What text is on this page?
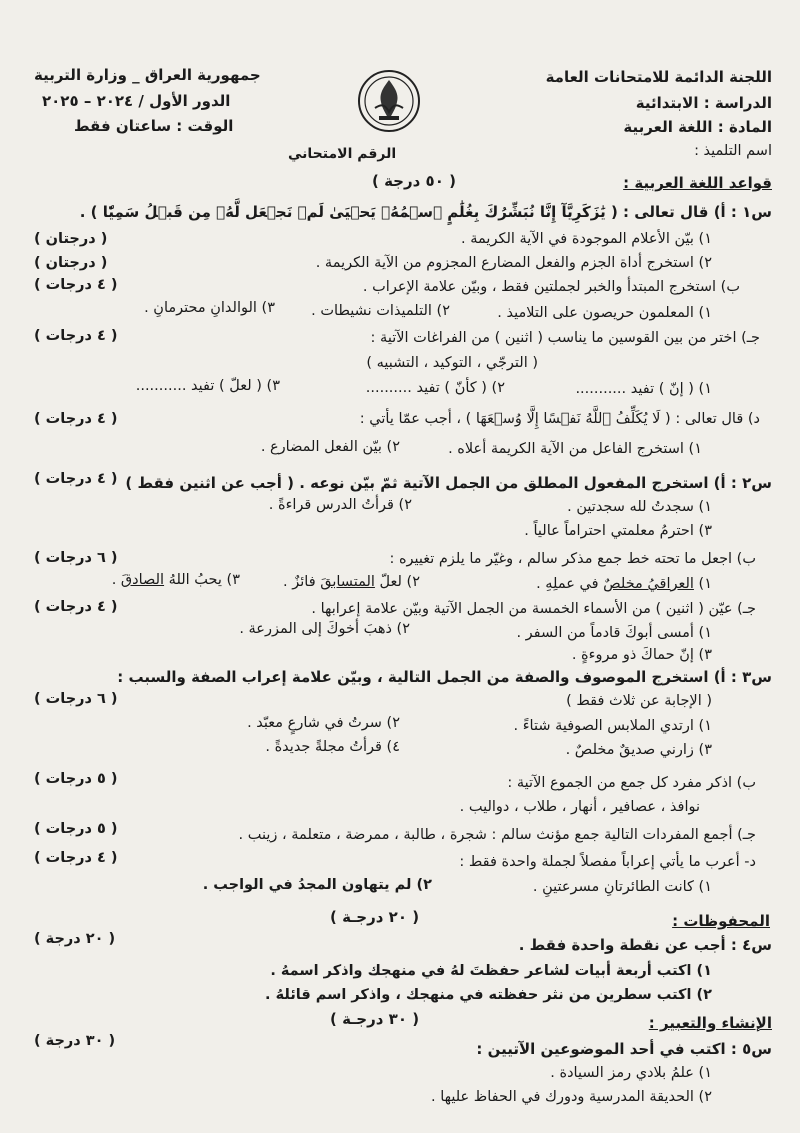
اللجنة الدائمة للامتحانات العامة
الدراسة : الابتدائية
المادة : اللغة العربية
اسم التلميذ :
جمهورية العراق _ وزارة التربية
الدور الأول / ٢٠٢٤ – ٢٠٢٥
الوقت : ساعتان فقط
الرقم الامتحاني
قواعد اللغة العربية :
( ٥٠ درجة )
س١ : أ) قال تعالى : ( يَٰزَكَرِيَّآ إِنَّا نُبَشِّرُكَ بِغُلَٰمٍ ٱسۡمُهُۥ يَحۡيَىٰ لَمۡ نَجۡعَل لَّهُۥ مِن قَبۡلُ سَمِيّٗا ) .
١) بيّن الأعلام الموجودة في الآية الكريمة .
( درجتان )
٢) استخرج أداة الجزم والفعل المضارع المجزوم من الآية الكريمة .
( درجتان )
ب) استخرج المبتدأ والخبر لجملتين فقط ، وبيّن علامة الإعراب .
( ٤ درجات )
١) المعلمون حريصون على التلاميذ .
٢) التلميذات نشيطات .
٣) الوالدانِ محترمانِ .
جـ) اختر من بين القوسين ما يناسب ( اثنين ) من الفراغات الآتية :
( ٤ درجات )
( الترجّي ، التوكيد ، التشبيه )
١) ( إنّ ) تفيد ...........
٢) ( كأنّ ) تفيد ..........
٣) ( لعلّ ) تفيد ...........
د) قال تعالى : ( لَا يُكَلِّفُ ٱللَّهُ نَفۡسًا إِلَّا وُسۡعَهَا ) ، أجب عمّا يأتي :
( ٤ درجات )
١) استخرج الفاعل من الآية الكريمة أعلاه .
٢) بيّن الفعل المضارع .
س٢ : أ) استخرج المفعول المطلق من الجمل الآتية ثمّ بيّن نوعه . ( أجب عن اثنين فقط )
( ٤ درجات )
١) سجدتُ لله سجدتين .
٢) قرأتُ الدرس قراءةً .
٣) احترمُ معلمتي احتراماً عالياً .
ب) اجعل ما تحته خط جمع مذكر سالم ، وغيّر ما يلزم تغييره :
( ٦ درجات )
١) العراقيُ مخلصٌ في عملِهِ .
٢) لعلّ المتسابقَ فائزٌ .
٣) يحبُ اللهُ الصادقَ .
جـ) عيّن ( اثنين ) من الأسماء الخمسة من الجمل الآتية وبيّن علامة إعرابها .
( ٤ درجات )
١) أمسى أبوكَ قادماً من السفر .
٢) ذهبَ أخوكَ إلى المزرعة .
٣) إنّ حماكَ ذو مروءةٍ .
س٣ : أ) استخرج الموصوف والصفة من الجمل التالية ، وبيّن علامة إعراب الصفة والسبب :
( الإجابة عن ثلاث فقط )
( ٦ درجات )
١) ارتدي الملابس الصوفية شتاءً .
٢) سرتُ في شارعٍ معبّد .
٣) زارني صديقٌ مخلصٌ .
٤) قرأتُ مجلةً جديدةً .
ب) اذكر مفرد كل جمع من الجموع الآتية :
( ٥ درجات )
نوافذ ، عصافير ، أنهار ، طلاب ، دواليب .
جـ) أجمع المفردات التالية جمع مؤنث سالم : شجرة ، طالبة ، ممرضة ، متعلمة ، زينب .
( ٥ درجات )
د- أعرب ما يأتي إعراباً مفصلاً لجملة واحدة فقط :
( ٤ درجات )
١) كانت الطائرتانِ مسرعتينِ .
٢) لم يتهاون المجدُ في الواجب .
المحفوظات :
( ٢٠ درجـة )
س٤ : أجب عن نقطة واحدة فقط .
( ٢٠ درجة )
١) اكتب أربعة أبيات لشاعر حفظتَ لهُ في منهجك واذكر اسمهُ .
٢) اكتب سطرين من نثر حفظته في منهجك ، واذكر اسم قائلهُ .
الإنشاء والتعبير :
( ٣٠ درجـة )
س٥ : اكتب في أحد الموضوعين الآتيين :
( ٣٠ درجة )
١) علمُ بلادي رمز السيادة .
٢) الحديقة المدرسية ودورك في الحفاظ عليها .
